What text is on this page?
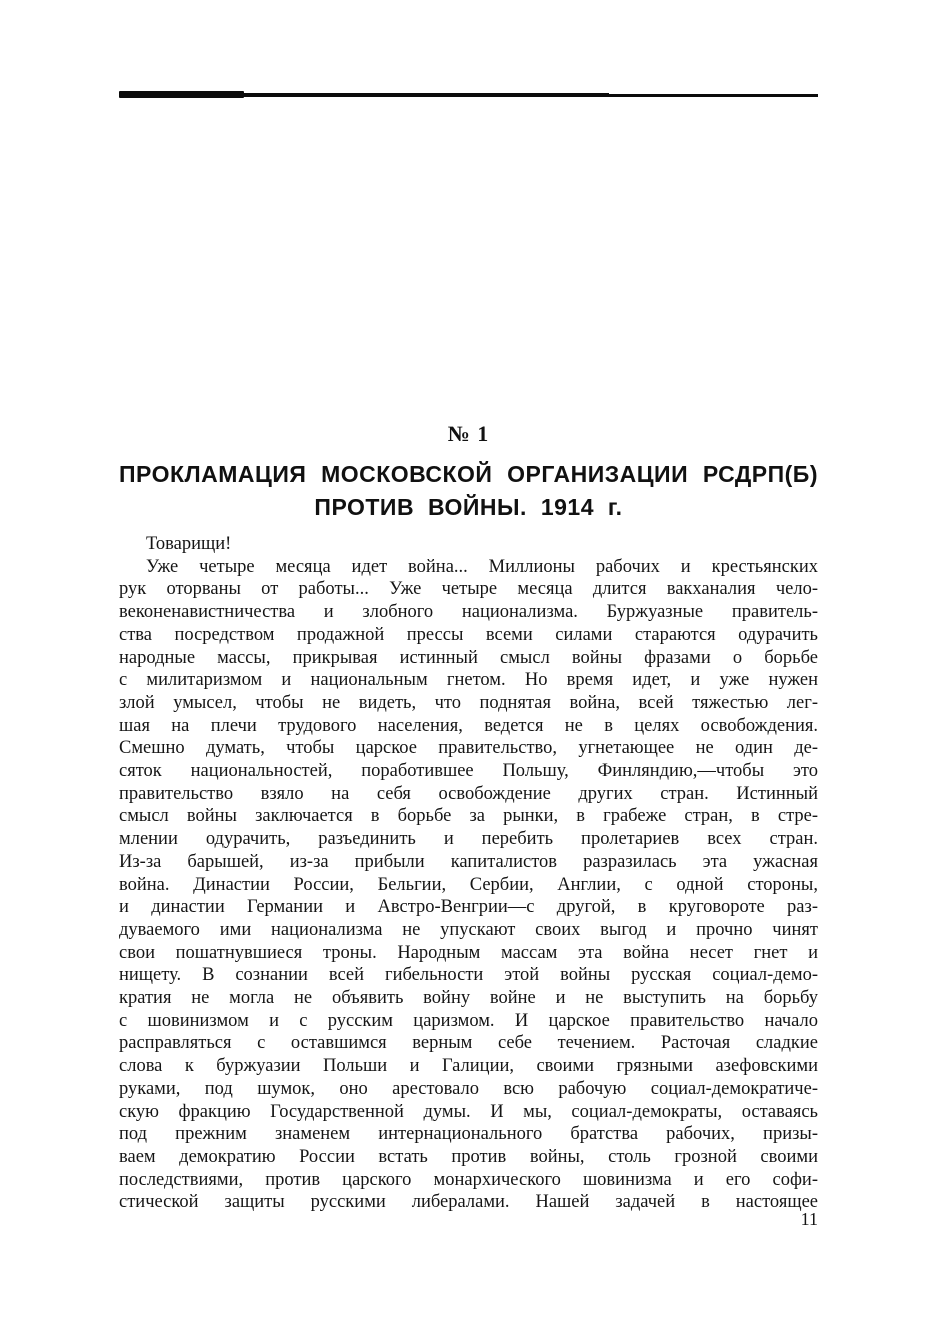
№ 1
ПРОКЛАМАЦИЯ МОСКОВСКОЙ ОРГАНИЗАЦИИ РСДРП(Б)
ПРОТИВ ВОЙНЫ. 1914 г.
Товарищи!
Уже четыре месяца идет война... Миллионы рабочих и крестьянских
рук оторваны от работы... Уже четыре месяца длится вакханалия чело-
веконенавистничества и злобного национализма. Буржуазные правитель-
ства посредством продажной прессы всеми силами стараются одурачить
народные массы, прикрывая истинный смысл войны фразами о борьбе
с милитаризмом и национальным гнетом. Но время идет, и уже нужен
злой умысел, чтобы не видеть, что поднятая война, всей тяжестью лег-
шая на плечи трудового населения, ведется не в целях освобождения.
Смешно думать, чтобы царское правительство, угнетающее не один де-
сяток национальностей, поработившее Польшу, Финляндию,—чтобы это
правительство взяло на себя освобождение других стран. Истинный
смысл войны заключается в борьбе за рынки, в грабеже стран, в стре-
млении одурачить, разъединить и перебить пролетариев всех стран.
Из-за барышей, из-за прибыли капиталистов разразилась эта ужасная
война. Династии России, Бельгии, Сербии, Англии, с одной стороны,
и династии Германии и Австро-Венгрии—с другой, в круговороте раз-
дуваемого ими национализма не упускают своих выгод и прочно чинят
свои пошатнувшиеся троны. Народным массам эта война несет гнет и
нищету. В сознании всей гибельности этой войны русская социал-демо-
кратия не могла не объявить войну войне и не выступить на борьбу
с шовинизмом и с русским царизмом. И царское правительство начало
расправляться с оставшимся верным себе течением. Расточая сладкие
слова к буржуазии Польши и Галиции, своими грязными азефовскими
руками, под шумок, оно арестовало всю рабочую социал-демократиче-
скую фракцию Государственной думы. И мы, социал-демократы, оставаясь
под прежним знаменем интернационального братства рабочих, призы-
ваем демократию России встать против войны, столь грозной своими
последствиями, против царского монархического шовинизма и его софи-
стической защиты русскими либералами. Нашей задачей в настоящее
11
